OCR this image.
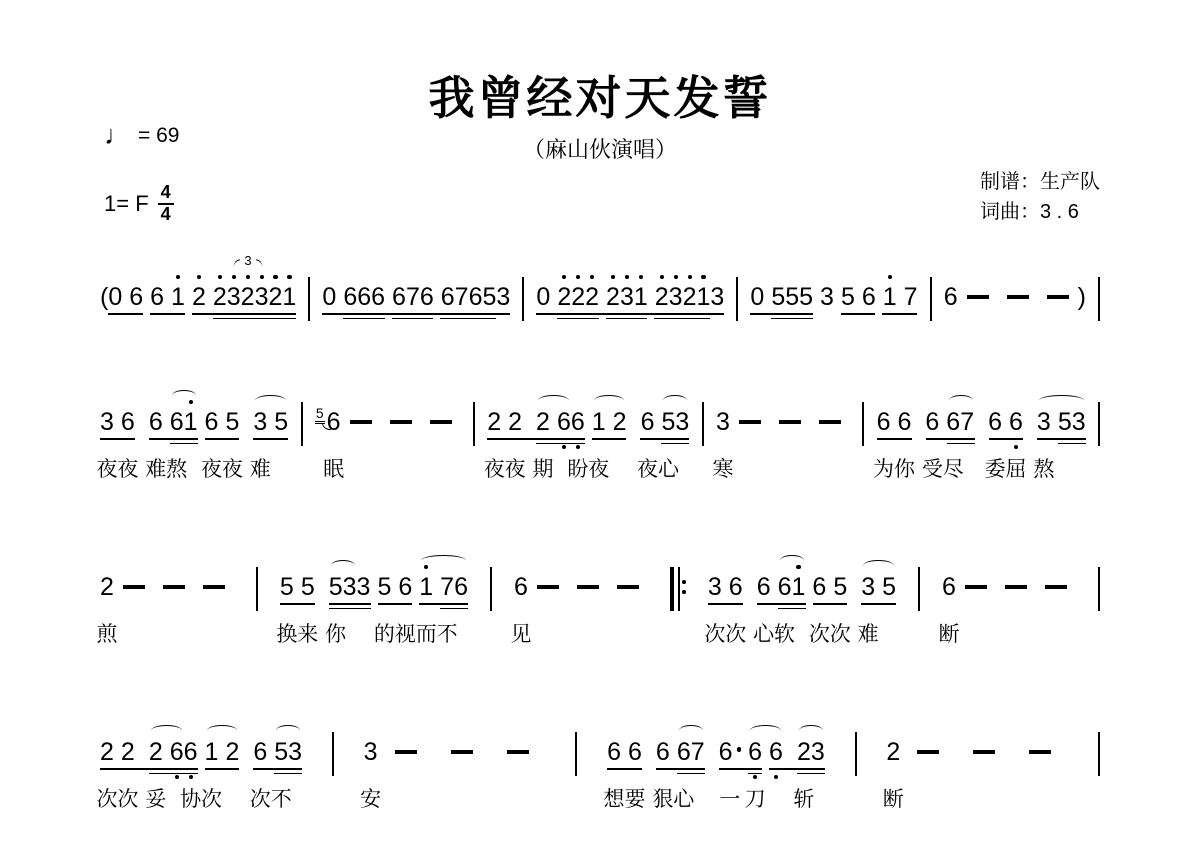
我曾经对天发誓
（麻山伙演唱）
♩ = 69
1= F $\frac{4}{4}$
制谱：生产队
词曲：3 . 6
(0 6 6 1 2 2
3
2
3
2
1
3
0 666 676 67653 0 2
2
2 2
3
1 2
3
2
13 0 555 3 5 6 1 7 6	)
3
夜
6
夜
6
难
6
熬
1 6
夜
5
夜
3
难
5 5 6
眠
2
夜
2
夜
2
期
6
6
盼
1
夜
2 6
夜
5
心
3 3
寒
6
为
6
你
6
受
6
尽
7 6
委
6
屈
3
熬
53
2
煎
5
换
5
来
5
你
33 5
的
6
视
1
而
7
不
6 6
见
3
次
6
次
6
心
6
软
1 6
次
5
次
3
难
5 6
断
2
次
2
次
2
妥
6
6
协
1
次
2 6
次
5
不
3 3
安
6
想
6
要
6
狠
6
心
7 6
一
6
刀
6 2
斩
3 2
断
